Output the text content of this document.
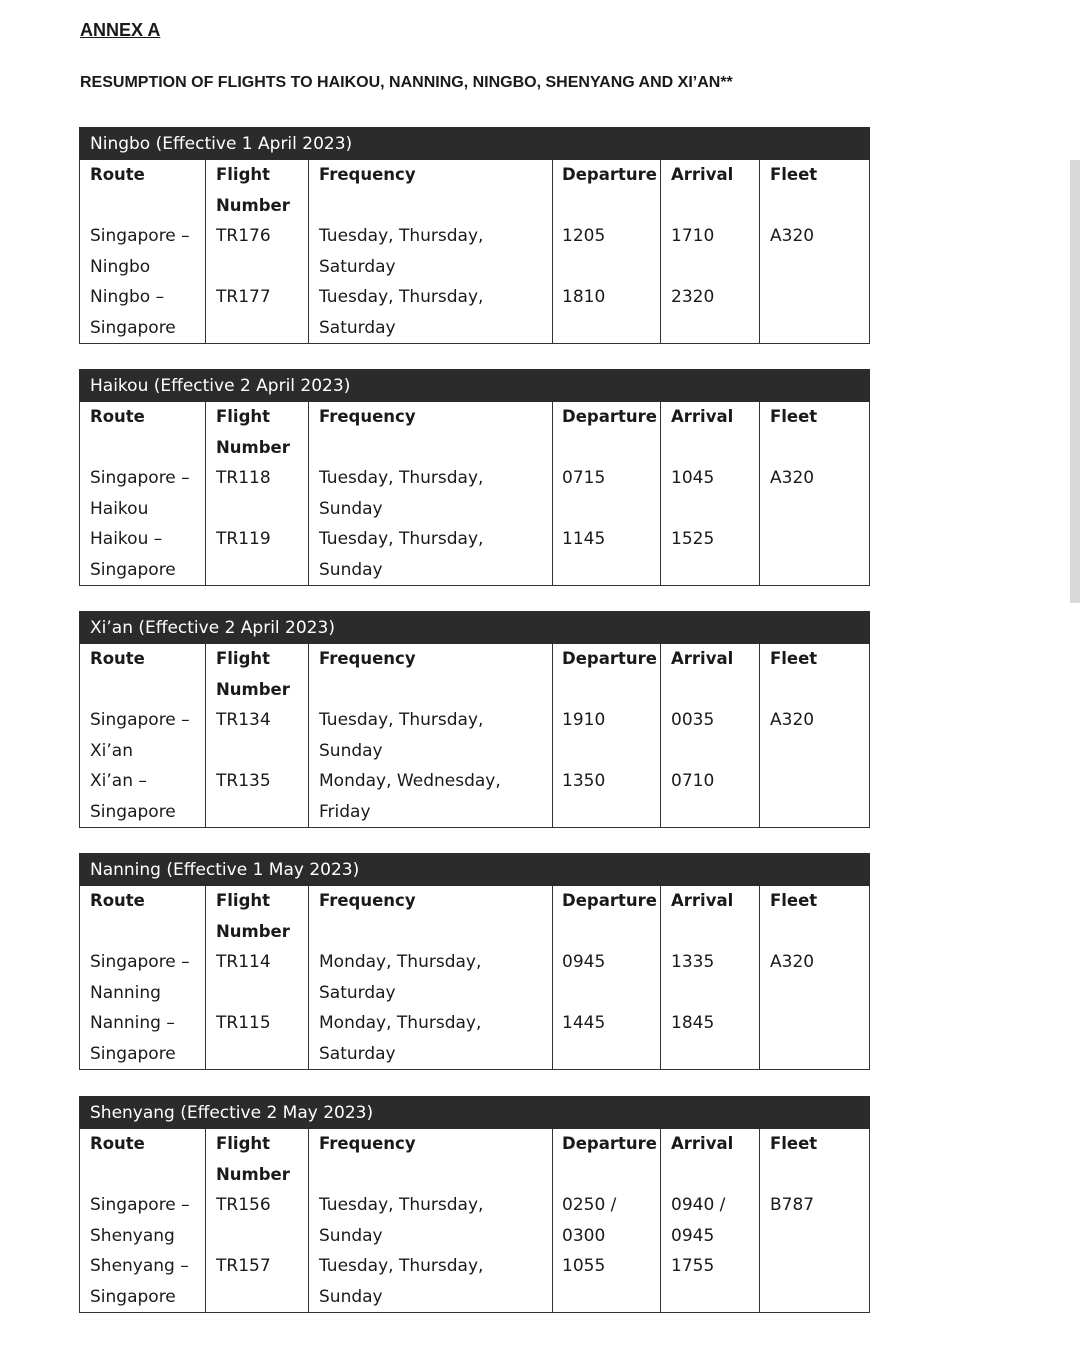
ANNEX A
RESUMPTION OF FLIGHTS TO HAIKOU, NANNING, NINGBO, SHENYANG AND XI’AN**
Ningbo (Effective 1 April 2023)					
Route	Flight Number	Frequency	Departure	Arrival	Fleet
Singapore – Ningbo	TR176	Tuesday, Thursday, Saturday	1205	1710	A320
Ningbo – Singapore	TR177	Tuesday, Thursday, Saturday	1810	2320	
Haikou (Effective 2 April 2023)					
Route	Flight Number	Frequency	Departure	Arrival	Fleet
Singapore – Haikou	TR118	Tuesday, Thursday, Sunday	0715	1045	A320
Haikou – Singapore	TR119	Tuesday, Thursday, Sunday	1145	1525	
Xi’an (Effective 2 April 2023)					
Route	Flight Number	Frequency	Departure	Arrival	Fleet
Singapore – Xi’an	TR134	Tuesday, Thursday, Sunday	1910	0035	A320
Xi’an – Singapore	TR135	Monday, Wednesday, Friday	1350	0710	
Nanning (Effective 1 May 2023)					
Route	Flight Number	Frequency	Departure	Arrival	Fleet
Singapore – Nanning	TR114	Monday, Thursday, Saturday	0945	1335	A320
Nanning – Singapore	TR115	Monday, Thursday, Saturday	1445	1845	
Shenyang (Effective 2 May 2023)					
Route	Flight Number	Frequency	Departure	Arrival	Fleet
Singapore – Shenyang	TR156	Tuesday, Thursday, Sunday	0250 / 0300	0940 / 0945	B787
Shenyang – Singapore	TR157	Tuesday, Thursday, Sunday	1055	1755	
